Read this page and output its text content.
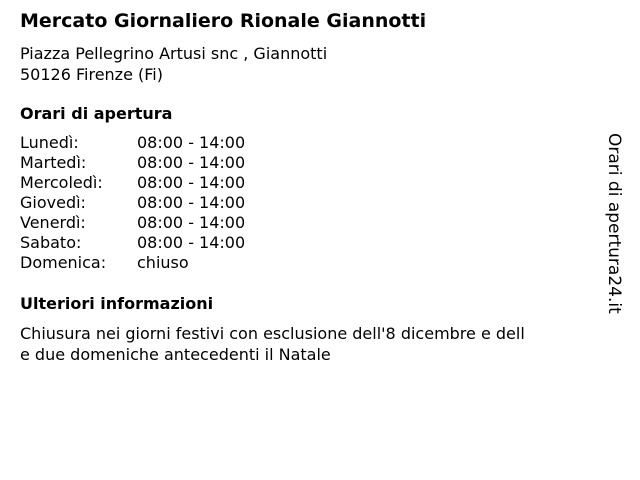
Mercato Giornaliero Rionale Giannotti
Piazza Pellegrino Artusi snc , Giannotti
50126 Firenze (Fi)
Orari di apertura
Lunedì:	08:00 - 14:00
Martedì:	08:00 - 14:00
Mercoledì: 08:00 - 14:00
Giovedì:	08:00 - 14:00
Venerdì:	08:00 - 14:00
Sabato:	08:00 - 14:00
Domenica: chiuso
Ulteriori informazioni
Chiusura nei giorni festivi con esclusione dell'8 dicembre e dell
e due domeniche antecedenti il Natale
Orari di apertura24.it
